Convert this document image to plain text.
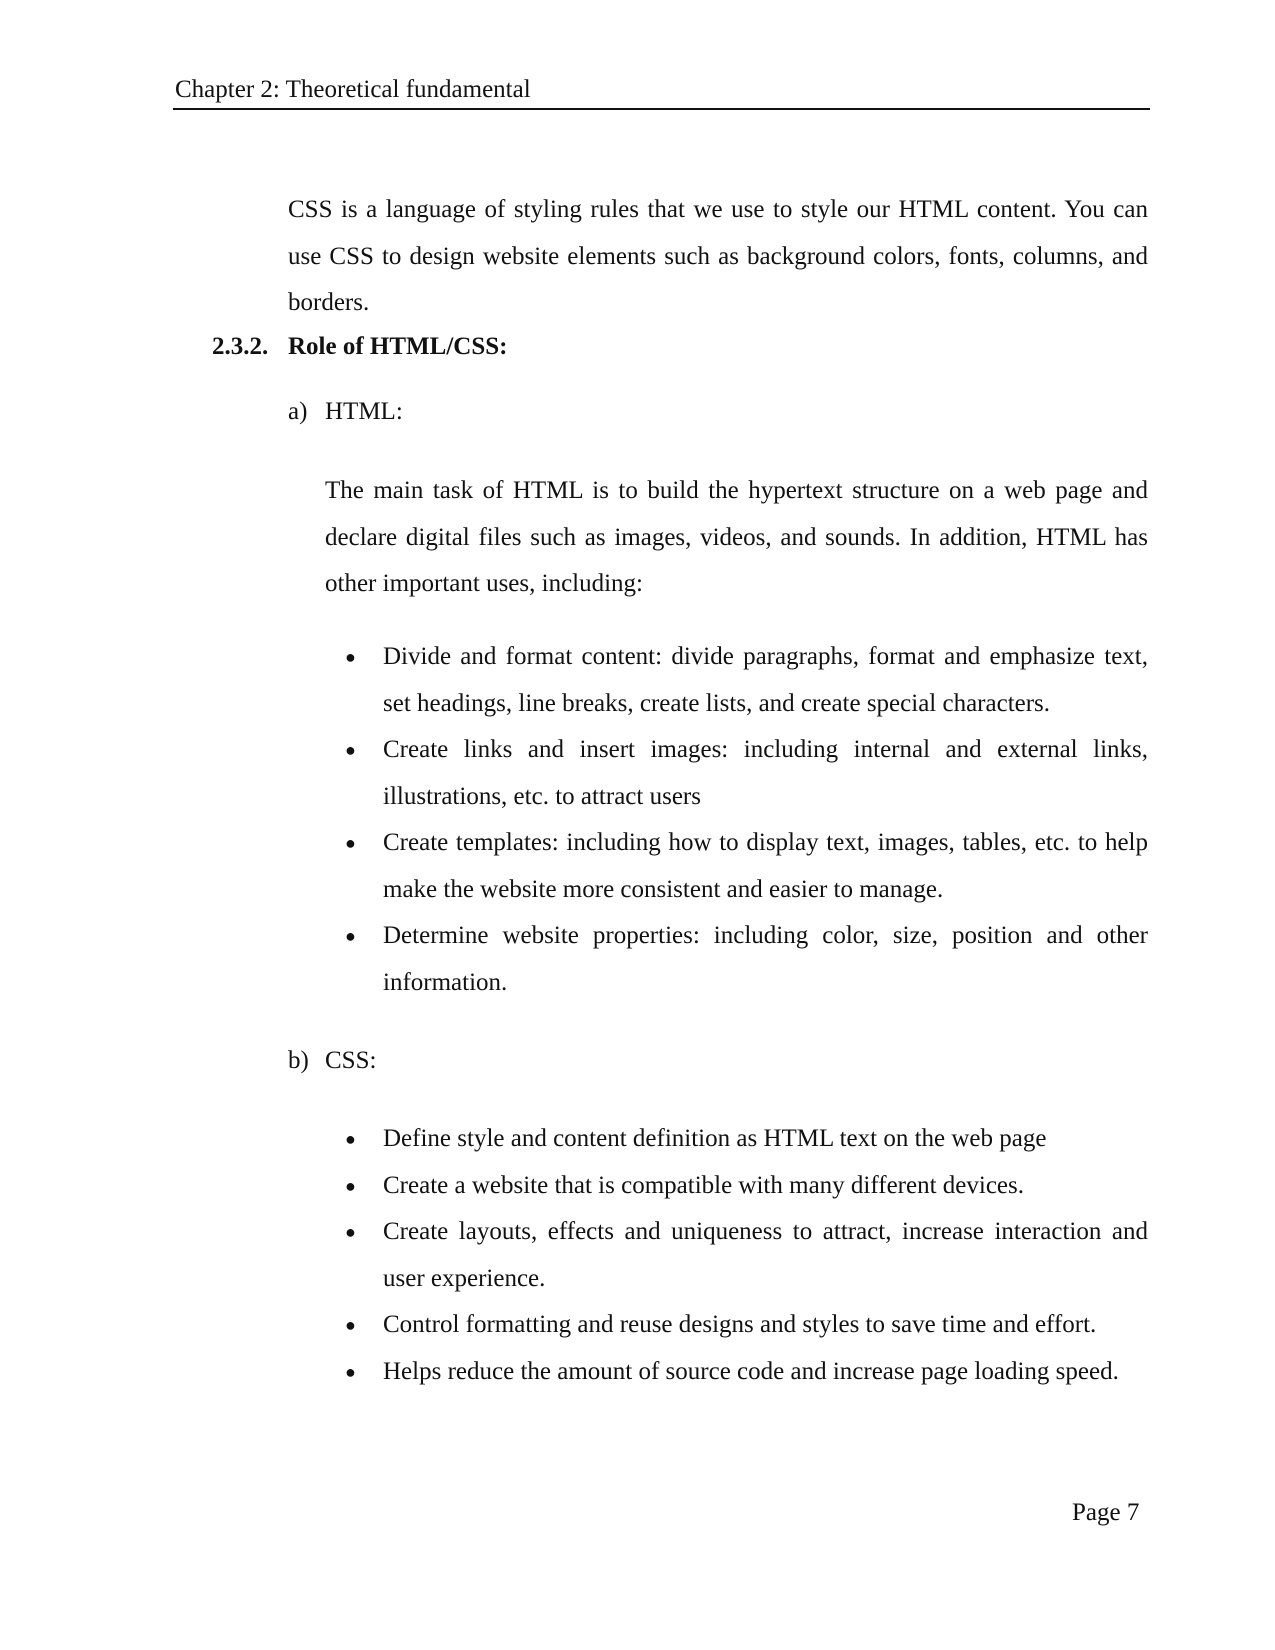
Chapter 2: Theoretical fundamental

CSS is a language of styling rules that we use to style our HTML content. You can use CSS to design website elements such as background colors, fonts, columns, and borders.

2.3.2. Role of HTML/CSS:
a) HTML:

The main task of HTML is to build the hypertext structure on a web page and declare digital files such as images, videos, and sounds. In addition, HTML has other important uses, including:

● Divide and format content: divide paragraphs, format and emphasize text, set headings, line breaks, create lists, and create special characters.
● Create links and insert images: including internal and external links, illustrations, etc. to attract users
● Create templates: including how to display text, images, tables, etc. to help make the website more consistent and easier to manage.
● Determine website properties: including color, size, position and other information.
b) CSS:
● Define style and content definition as HTML text on the web page
● Create a website that is compatible with many different devices.
● Create layouts, effects and uniqueness to attract, increase interaction and user experience.
● Control formatting and reuse designs and styles to save time and effort.
● Helps reduce the amount of source code and increase page loading speed.
Page 7
